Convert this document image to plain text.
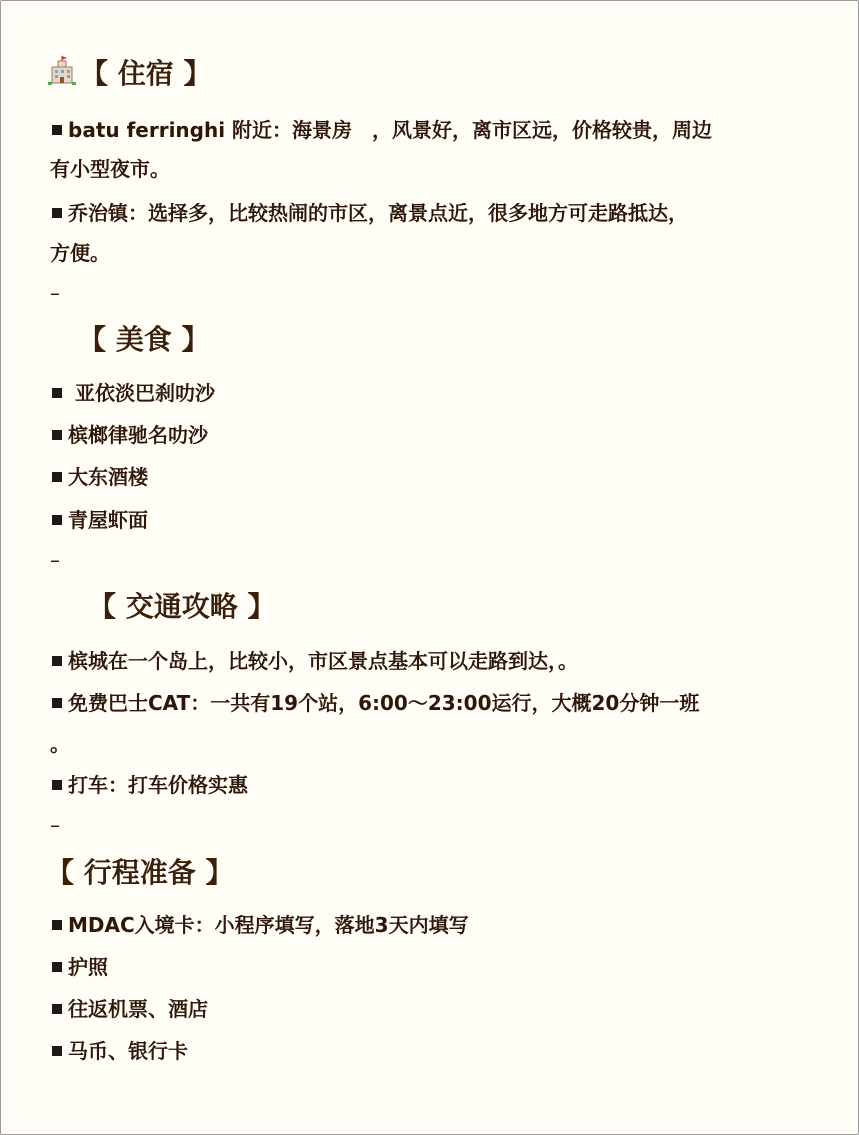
【 住宿 】
batu ferringhi 附近：海景房　，风景好，离市区远，价格较贵，周边
有小型夜市。
乔治镇：选择多，比较热闹的市区，离景点近，很多地方可走路抵达，
方便。
–
【 美食 】
亚依淡巴刹叻沙
槟榔律驰名叻沙
大东酒楼
青屋虾面
–
【 交通攻略 】
槟城在一个岛上，比较小，市区景点基本可以走路到达，。
免费巴士CAT：一共有19个站，6:00～23:00运行，大概20分钟一班
。
打车：打车价格实惠
–
【 行程准备 】
MDAC入境卡：小程序填写，落地3天内填写
护照
往返机票、酒店
马币、银行卡
